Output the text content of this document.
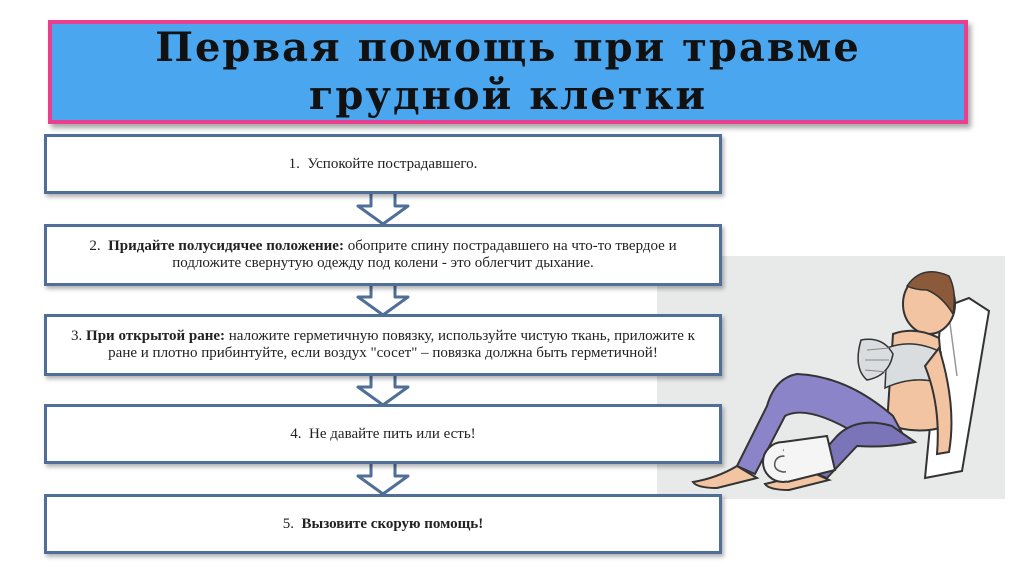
Первая помощь при травме грудной клетки
1. Успокойте пострадавшего.
2. Придайте полусидячее положение: обоприте спину пострадавшего на что-то твердое и подложите свернутую одежду под колени - это облегчит дыхание.
3. При открытой ране: наложите герметичную повязку, используйте чистую ткань, приложите к ране и плотно прибинтуйте, если воздух "сосет" – повязка должна быть герметичной!
4. Не давайте пить или есть!
5. Вызовите скорую помощь!
